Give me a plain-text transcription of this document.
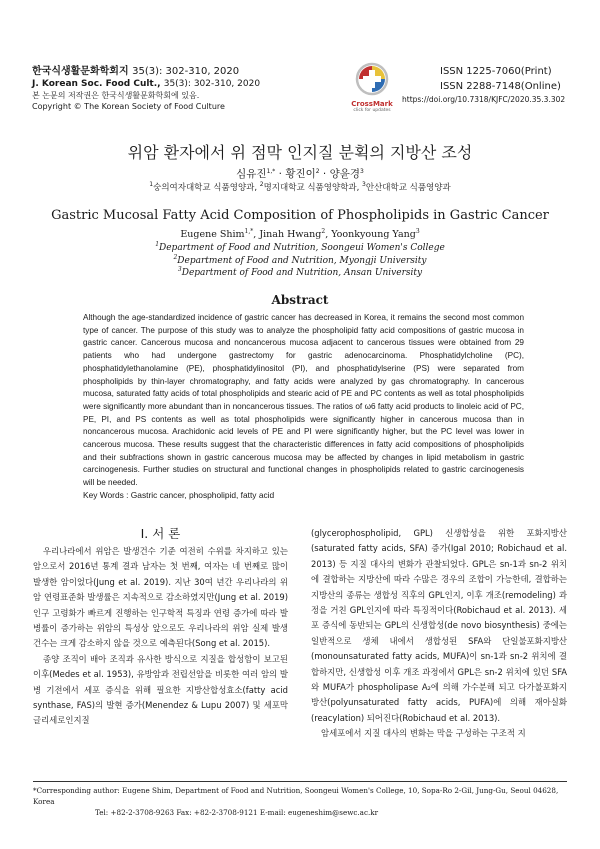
한국식생활문화학회지 35(3): 302-310, 2020
J. Korean Soc. Food Cult., 35(3): 302-310, 2020
본 논문의 저작권은 한국식생활문화학회에 있음.
Copyright © The Korean Society of Food Culture	CrossMark
click for updates
ISSN 1225-7060(Print)
ISSN 2288-7148(Online)
https://doi.org/10.7318/KJFC/2020.35.3.302
위암 환자에서 위 점막 인지질 분획의 지방산 조성
심유진$^{1,*}$ · 황진이$^2$ · 양윤경$^3$
$^1$숭의여자대학교 식품영양과, $^2$명지대학교 식품영양학과, $^3$안산대학교 식품영양과
Gastric Mucosal Fatty Acid Composition of Phospholipids in Gastric Cancer
Eugene Shim$^{1,*}$, Jinah Hwang$^2$, Yoonkyoung Yang$^3$
$^1$Department of Food and Nutrition, Soongeui Women's College
$^2$Department of Food and Nutrition, Myongji University
$^3$Department of Food and Nutrition, Ansan University
Abstract
Although the age-standardized incidence of gastric cancer has decreased in Korea, it remains the second most common type of cancer. The purpose of this study was to analyze the phospholipid fatty acid compositions of gastric mucosa in gastric cancer. Cancerous mucosa and noncancerous mucosa adjacent to cancerous tissues were obtained from 29 patients who had undergone gastrectomy for gastric adenocarcinoma. Phosphatidylcholine (PC), phosphatidylethanolamine (PE), phosphatidylinositol (PI), and phosphatidylserine (PS) were separated from phospholipids by thin-layer chromatography, and fatty acids were analyzed by gas chromatography. In cancerous mucosa, saturated fatty acids of total phospholipids and stearic acid of PE and PC contents as well as total phospholipids were significantly more abundant than in noncancerous tissues. The ratios of ω6 fatty acid products to linoleic acid of PC, PE, PI, and PS contents as well as total phospholipids were significantly higher in cancerous mucosa than in noncancerous mucosa. Arachidonic acid levels of PE and PI were significantly higher, but the PC level was lower in cancerous mucosa. These results suggest that the characteristic differences in fatty acid compositions of phospholipids and their subfractions shown in gastric cancerous mucosa may be affected by changes in lipid metabolism in gastric carcinogenesis. Further studies on structural and functional changes in phospholipids related to gastric carcinogenesis will be needed.
Key Words : Gastric cancer, phospholipid, fatty acid
Ⅰ. 서 론

우리나라에서 위암은 발생건수 기준 여전히 수위를 차지하고 있는 암으로서 2016년 통계 결과 남자는 첫 번째, 여자는 네 번째로 많이 발생한 암이었다(Jung et al. 2019). 지난 30여 년간 우리나라의 위암 연령표준화 발생률은 지속적으로 감소하였지만(Jung et al. 2019) 인구 고령화가 빠르게 진행하는 인구학적 특징과 연령 증가에 따라 발병률이 증가하는 위암의 특성상 앞으로도 우리나라의 위암 실제 발생건수는 크게 감소하지 않을 것으로 예측된다(Song et al. 2015).

종양 조직이 배아 조직과 유사한 방식으로 지질을 합성함이 보고된 이후(Medes et al. 1953), 유방암과 전립선암을 비롯한 여러 암의 발병 기전에서 세포 증식을 위해 필요한 지방산합성효소(fatty acid synthase, FAS)의 발현 증가(Menendez & Lupu 2007) 및 세포막 글리세로인지질

(glycerophospholipid, GPL) 신생합성을 위한 포화지방산(saturated fatty acids, SFA) 증가(Igal 2010; Robichaud et al. 2013) 등 지질 대사의 변화가 관찰되었다. GPL은 sn-1과 sn-2 위치에 결합하는 지방산에 따라 수많은 경우의 조합이 가능한데, 결합하는 지방산의 종류는 생합성 직후의 GPL인지, 이후 개조(remodeling) 과정을 거친 GPL인지에 따라 특징적이다(Robichaud et al. 2013). 세포 증식에 동반되는 GPL의 신생합성(de novo biosynthesis) 중에는 일반적으로 생체 내에서 생합성된 SFA와 단일불포화지방산(monounsaturated fatty acids, MUFA)이 sn-1과 sn-2 위치에 결합하지만, 신생합성 이후 개조 과정에서 GPL은 sn-2 위치에 있던 SFA와 MUFA가 phospholipase A₂에 의해 가수분해 되고 다가불포화지방산(polyunsaturated fatty acids, PUFA)에 의해 재아실화(reacylation) 되어진다(Robichaud et al. 2013).

암세포에서 지질 대사의 변화는 막을 구성하는 구조적 지

*Corresponding author: Eugene Shim, Department of Food and Nutrition, Soongeui Women's College, 10, Sopa-Ro 2-Gil, Jung-Gu, Seoul 04628, Korea
Tel: +82-2-3708-9263 Fax: +82-2-3708-9121 E-mail: eugeneshim@sewc.ac.kr
